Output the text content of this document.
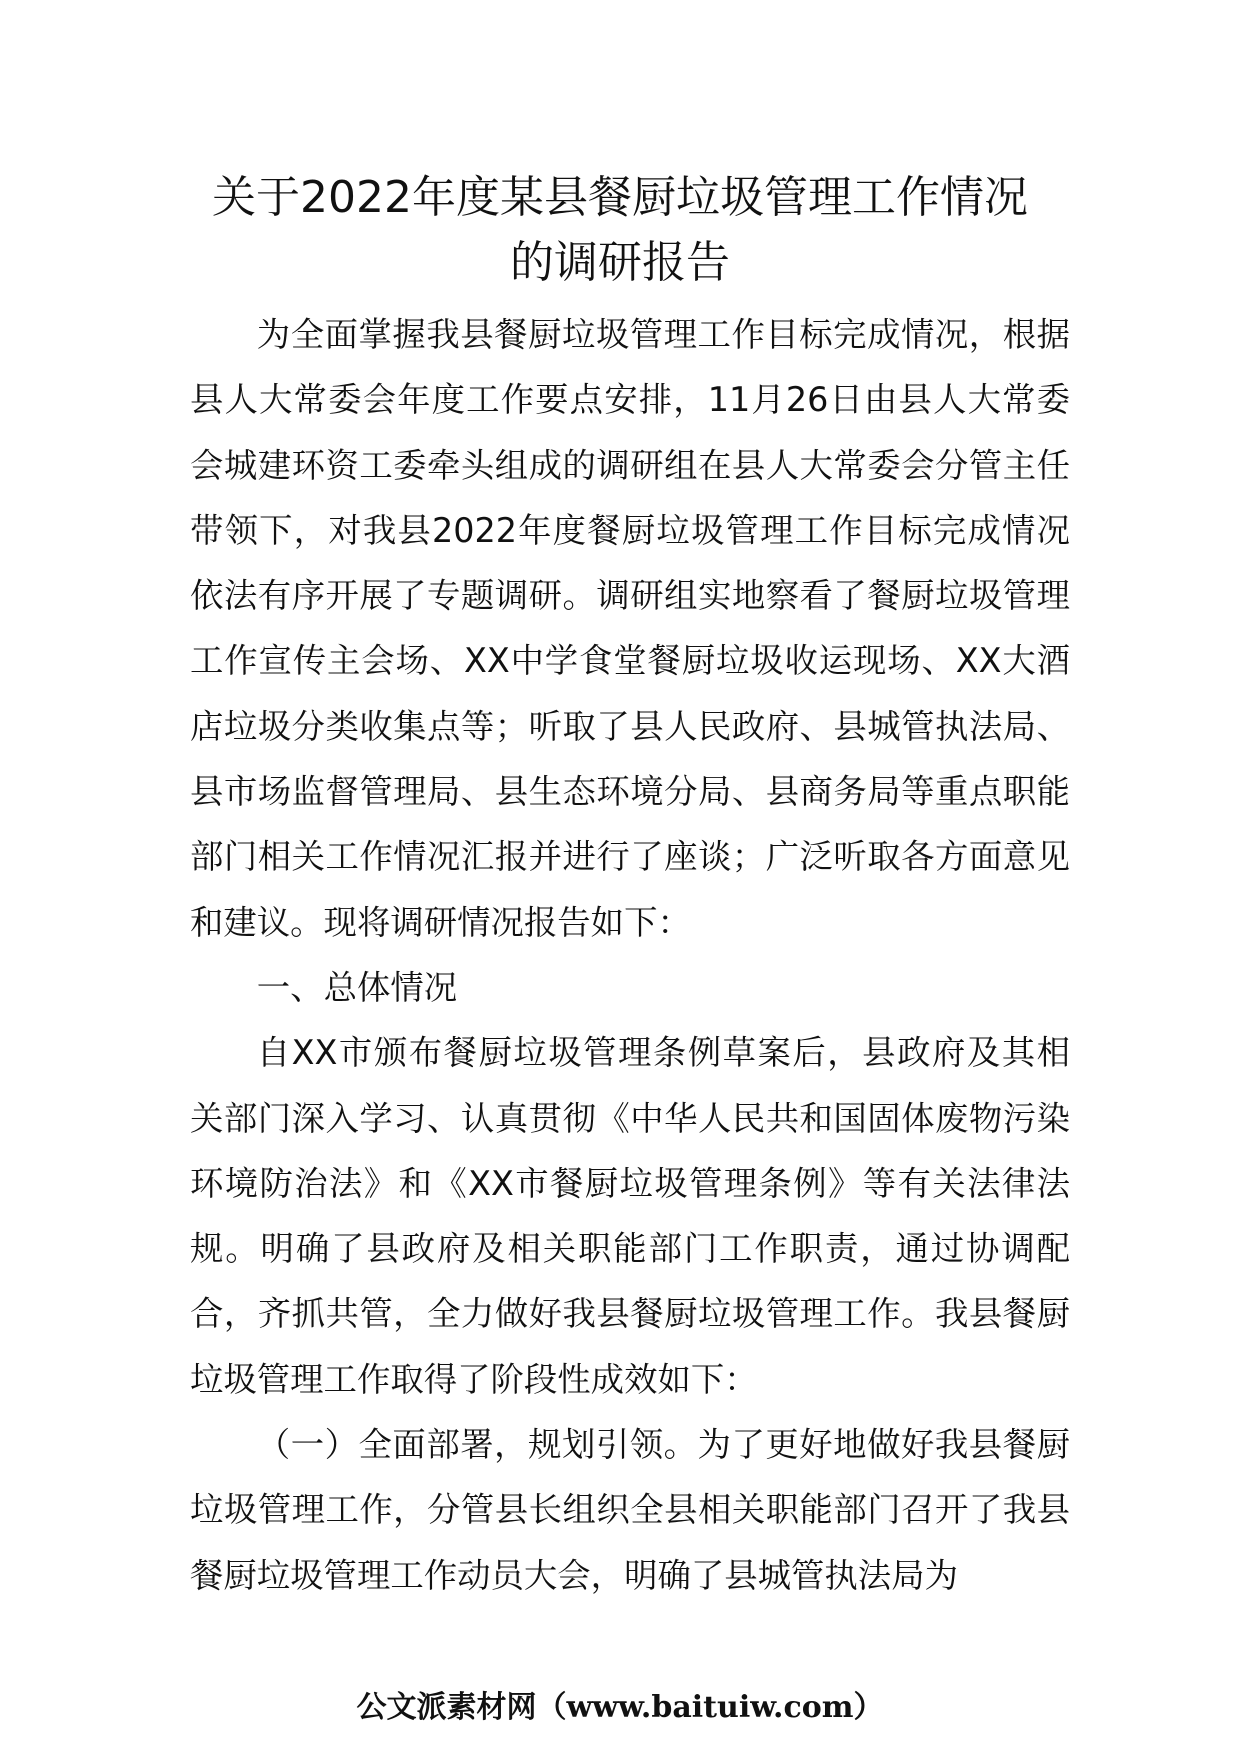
关于2022年度某县餐厨垃圾管理工作情况
的调研报告

为全面掌握我县餐厨垃圾管理工作目标完成情况，根据县人大常委会年度工作要点安排，11月26日由县人大常委会城建环资工委牵头组成的调研组在县人大常委会分管主任带领下，对我县2022年度餐厨垃圾管理工作目标完成情况依法有序开展了专题调研。调研组实地察看了餐厨垃圾管理工作宣传主会场、XX中学食堂餐厨垃圾收运现场、XX大酒店垃圾分类收集点等；听取了县人民政府、县城管执法局、县市场监督管理局、县生态环境分局、县商务局等重点职能部门相关工作情况汇报并进行了座谈；广泛听取各方面意见和建议。现将调研情况报告如下：

一、总体情况

自XX市颁布餐厨垃圾管理条例草案后，县政府及其相关部门深入学习、认真贯彻《中华人民共和国固体废物污染环境防治法》和《XX市餐厨垃圾管理条例》等有关法律法规。明确了县政府及相关职能部门工作职责，通过协调配合，齐抓共管，全力做好我县餐厨垃圾管理工作。我县餐厨垃圾管理工作取得了阶段性成效如下：

（一）全面部署，规划引领。为了更好地做好我县餐厨垃圾管理工作，分管县长组织全县相关职能部门召开了我县餐厨垃圾管理工作动员大会，明确了县城管执法局为

公文派素材网（www.baituiw.com）
